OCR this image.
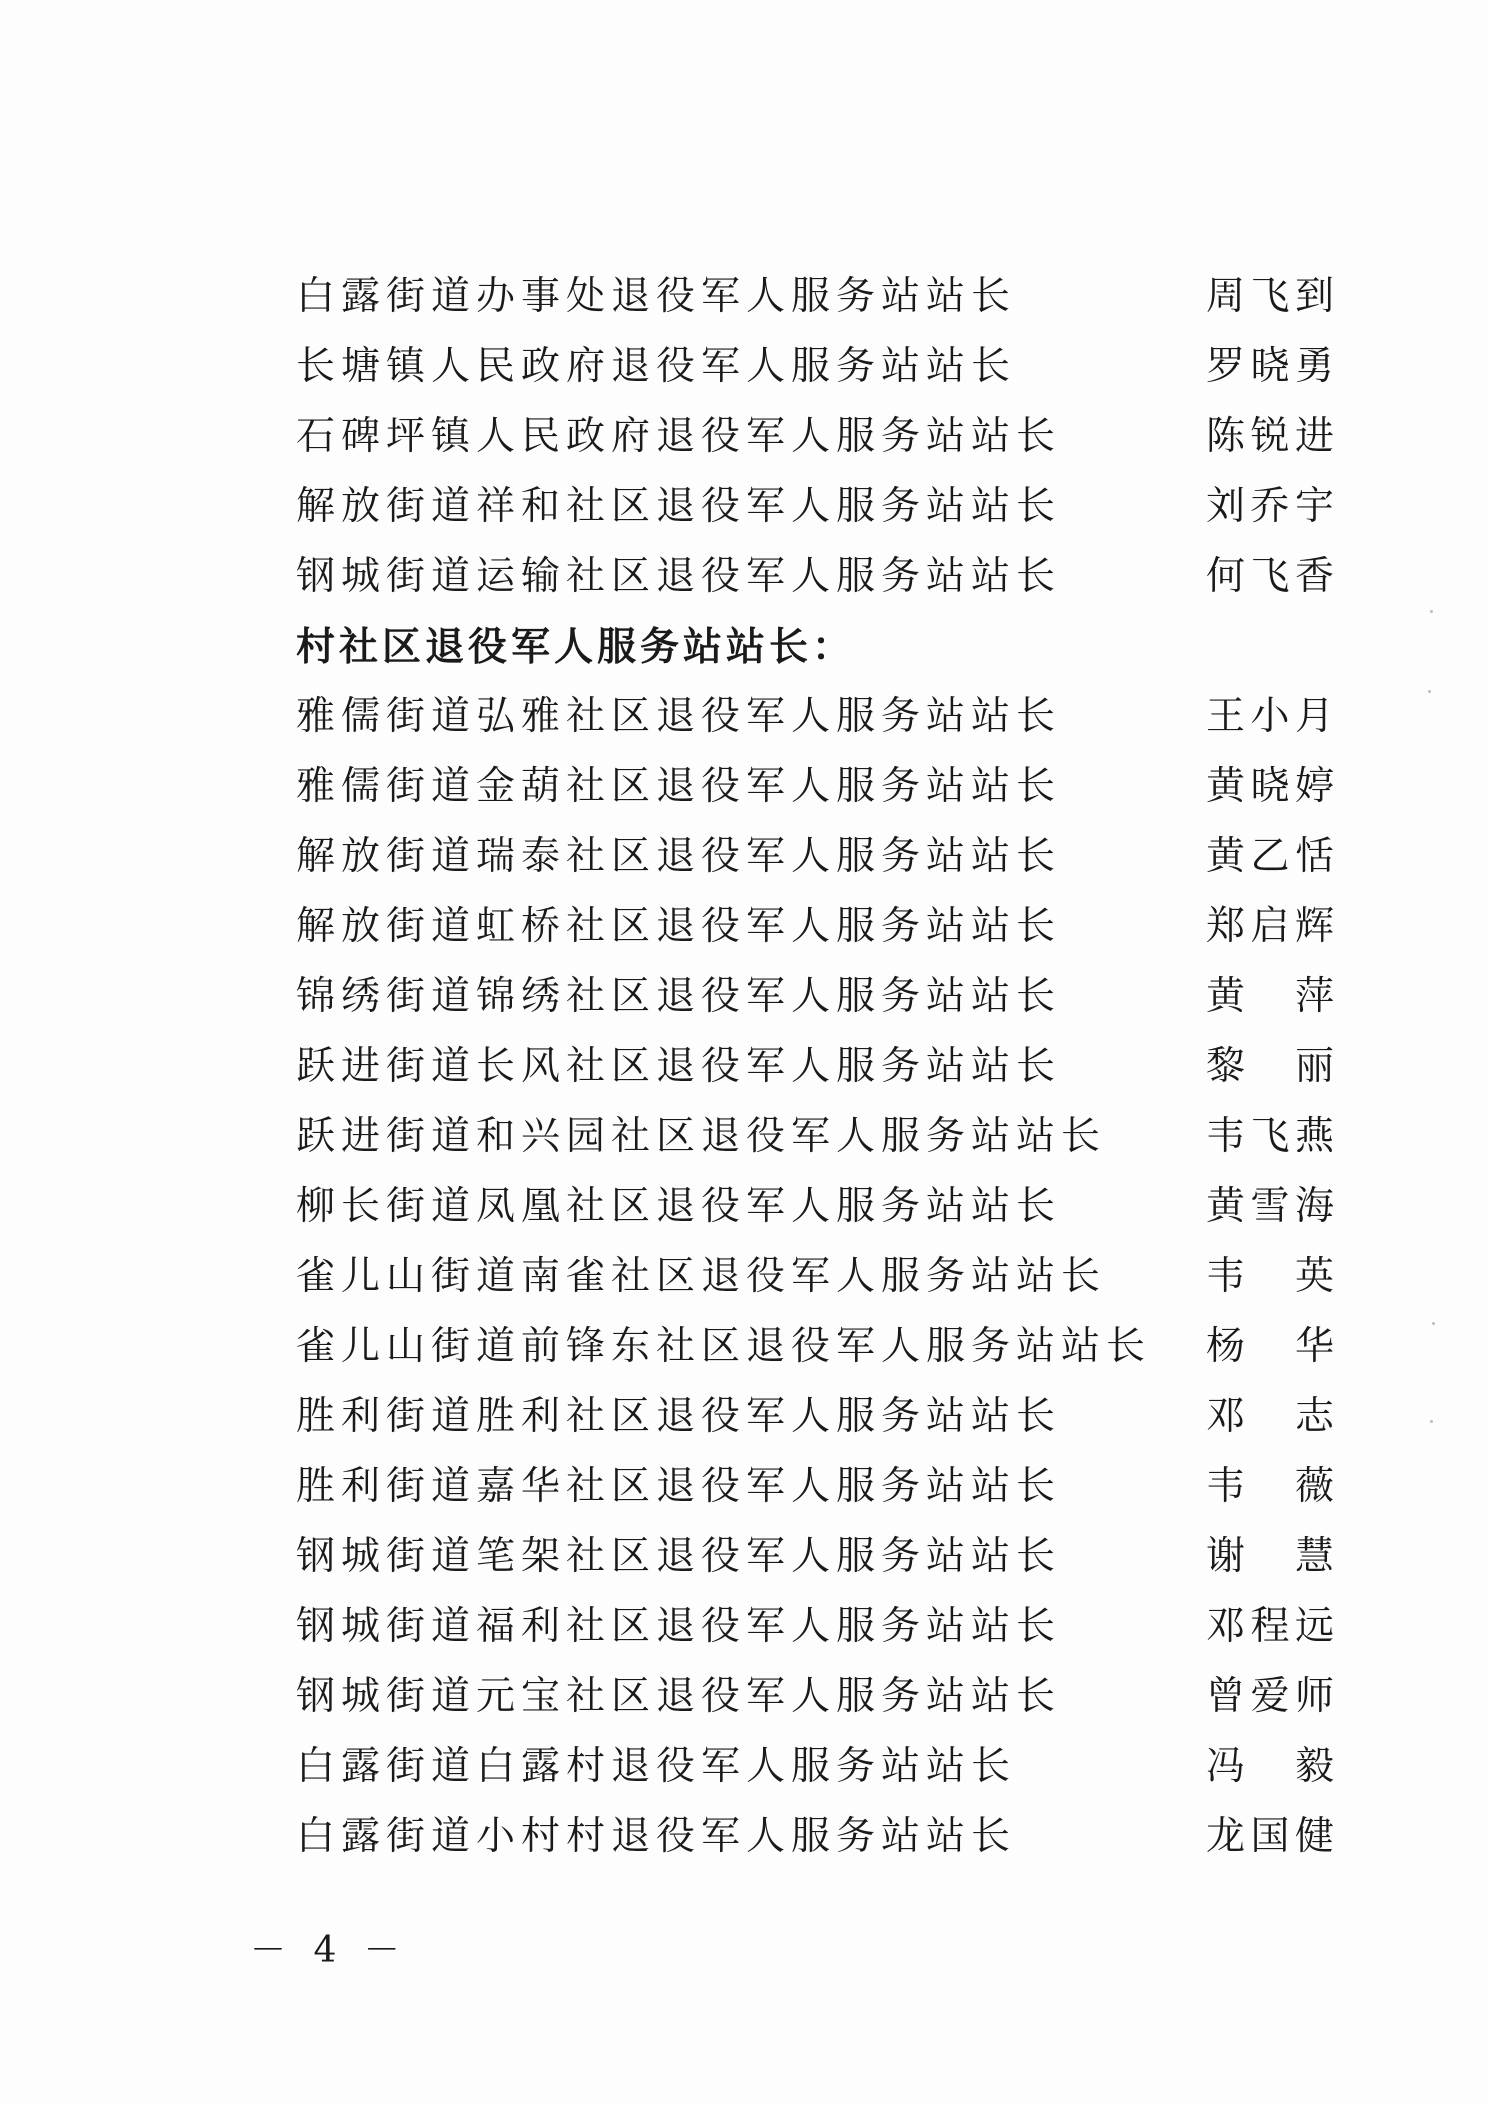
白露街道办事处退役军人服务站站长	周飞到
长塘镇人民政府退役军人服务站站长	罗晓勇
石碑坪镇人民政府退役军人服务站站长	陈锐进
解放街道祥和社区退役军人服务站站长	刘乔宇
钢城街道运输社区退役军人服务站站长	何飞香
村社区退役军人服务站站长：
雅儒街道弘雅社区退役军人服务站站长	王小月
雅儒街道金葫社区退役军人服务站站长	黄晓婷
解放街道瑞泰社区退役军人服务站站长	黄乙恬
解放街道虹桥社区退役军人服务站站长	郑启辉
锦绣街道锦绣社区退役军人服务站站长	黄萍
跃进街道长风社区退役军人服务站站长	黎丽
跃进街道和兴园社区退役军人服务站站长	韦飞燕
柳长街道凤凰社区退役军人服务站站长	黄雪海
雀儿山街道南雀社区退役军人服务站站长	韦英
雀儿山街道前锋东社区退役军人服务站站长 杨华
胜利街道胜利社区退役军人服务站站长	邓志
胜利街道嘉华社区退役军人服务站站长	韦薇
钢城街道笔架社区退役军人服务站站长	谢慧
钢城街道福利社区退役军人服务站站长	邓程远
钢城街道元宝社区退役军人服务站站长	曾爱师
白露街道白露村退役军人服务站站长	冯毅
白露街道小村村退役军人服务站站长	龙国健
－ 4 －
